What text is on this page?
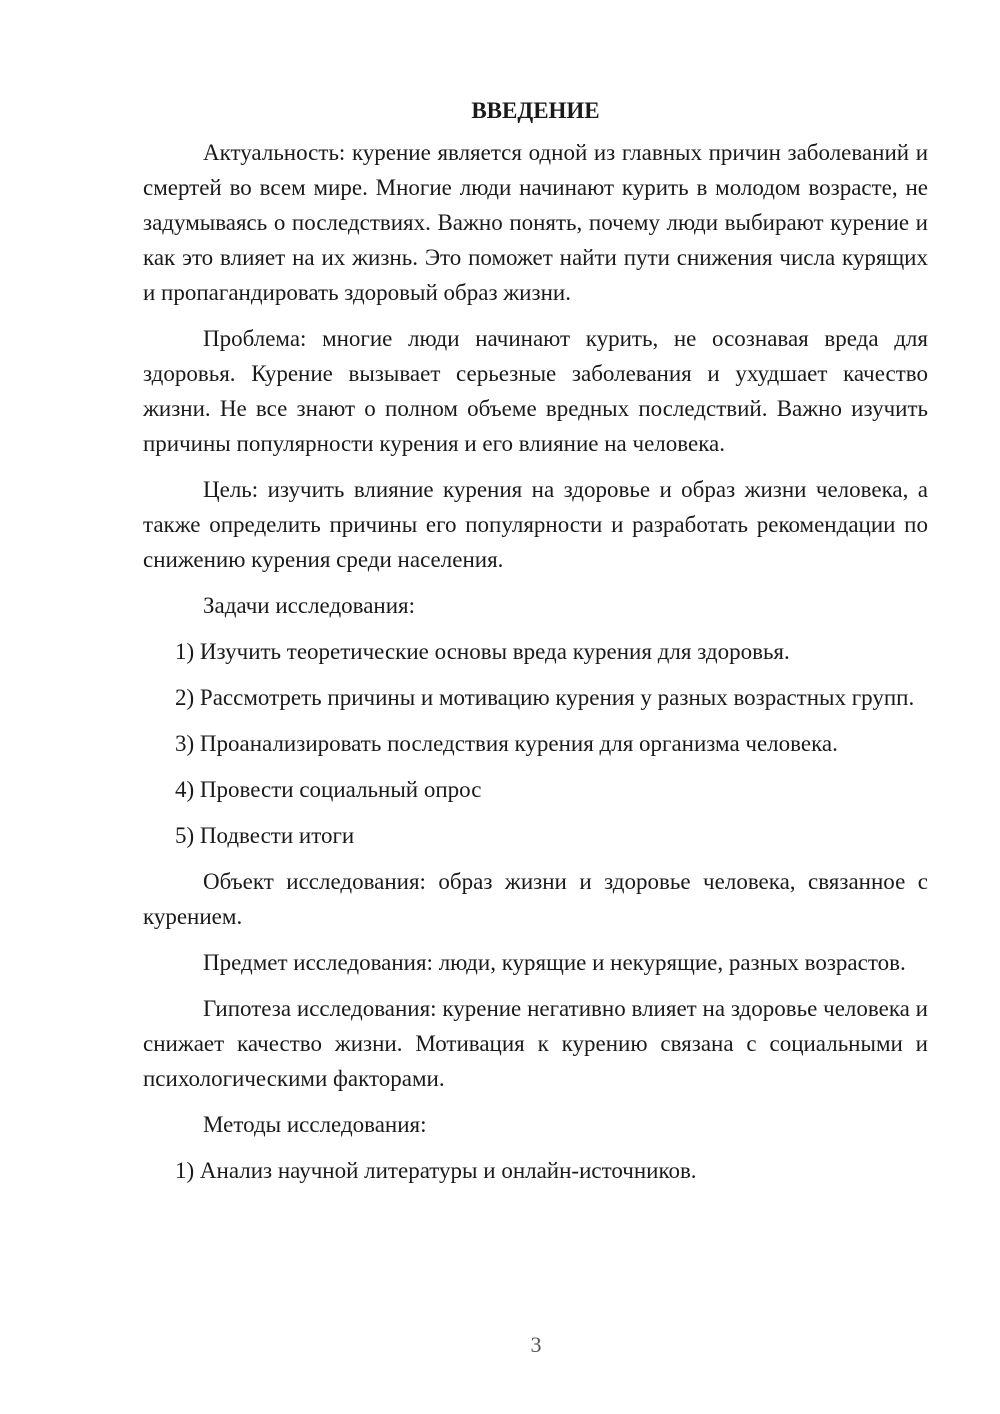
ВВЕДЕНИЕ

Актуальность: курение является одной из главных причин заболеваний и смертей во всем мире. Многие люди начинают курить в молодом возрасте, не задумываясь о последствиях. Важно понять, почему люди выбирают курение и как это влияет на их жизнь. Это поможет найти пути снижения числа курящих и пропагандировать здоровый образ жизни.

Проблема: многие люди начинают курить, не осознавая вреда для здоровья. Курение вызывает серьезные заболевания и ухудшает качество жизни. Не все знают о полном объеме вредных последствий. Важно изучить причины популярности курения и его влияние на человека.

Цель: изучить влияние курения на здоровье и образ жизни человека, а также определить причины его популярности и разработать рекомендации по снижению курения среди населения.

Задачи исследования:

1) Изучить теоретические основы вреда курения для здоровья.

2) Рассмотреть причины и мотивацию курения у разных возрастных групп.

3) Проанализировать последствия курения для организма человека.

4) Провести социальный опрос

5) Подвести итоги

Объект исследования: образ жизни и здоровье человека, связанное с курением.

Предмет исследования: люди, курящие и некурящие, разных возрастов.

Гипотеза исследования: курение негативно влияет на здоровье человека и снижает качество жизни. Мотивация к курению связана с социальными и психологическими факторами.

Методы исследования:

1) Анализ научной литературы и онлайн-источников.

3
